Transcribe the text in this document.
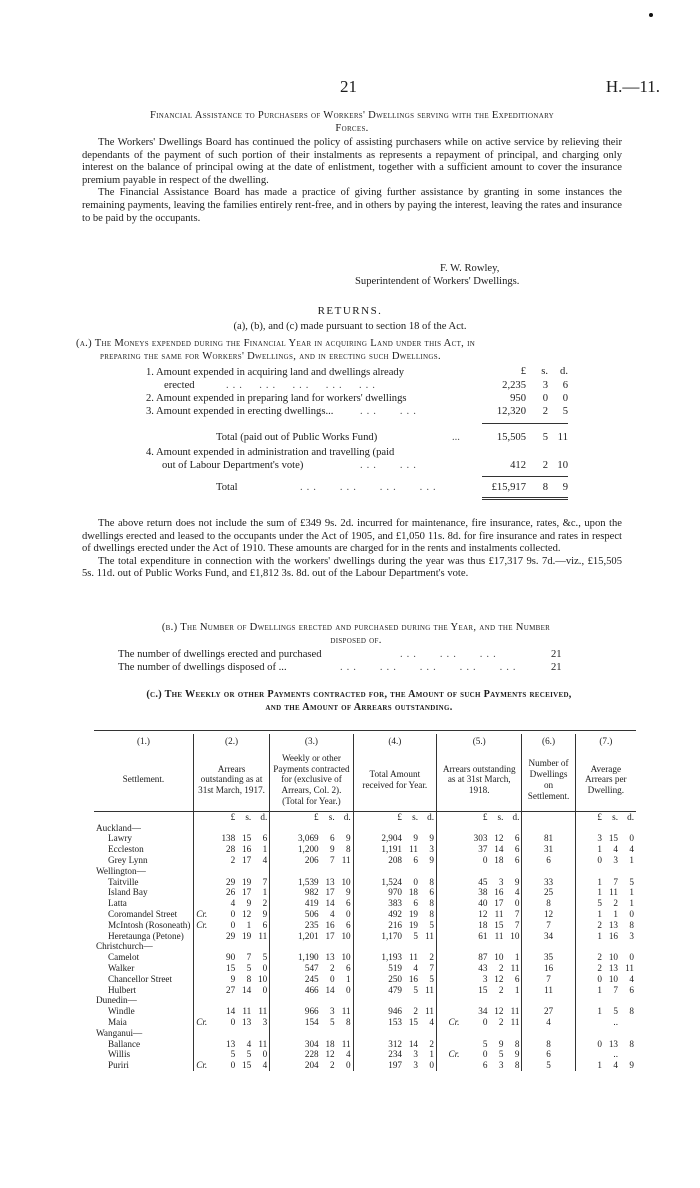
21	H.—11.
Financial Assistance to Purchasers of Workers' Dwellings serving with the Expeditionary
Forces.

The Workers' Dwellings Board has continued the policy of assisting purchasers while on active service by relieving their dependants of the payment of such portion of their instalments as represents a repayment of principal, and charging only interest on the balance of principal owing at the date of enlistment, together with a sufficient amount to cover the insurance premium payable in respect of the dwelling.

The Financial Assistance Board has made a practice of giving further assistance by granting in some instances the remaining payments, leaving the families entirely rent-free, and in others by paying the interest, leaving the rates and insurance to be paid by the occupants.

F. W. Rowley,
Superintendent of Workers' Dwellings.
RETURNS.
(a), (b), and (c) made pursuant to section 18 of the Act.
(a.) The Moneys expended during the Financial Year in acquiring Land under this Act, in
preparing the same for Workers' Dwellings, and in erecting such Dwellings.
£ s. d.
1. Amount expended in acquiring land and dwellings already
erected	...  ...  ...  ...  ...	2,235 3 6
2. Amount expended in preparing land for workers' dwellings	950 0 0
3. Amount expended in erecting dwellings...	...   ...	12,320 2 5
Total (paid out of Public Works Fund)	...	15,505 5 11
4. Amount expended in administration and travelling (paid
out of Labour Department's vote)	...   ...	412 2 10
Total	...   ...   ...   ...	£15,917 8 9

The above return does not include the sum of £349 9s. 2d. incurred for maintenance, fire insurance, rates, &c., upon the dwellings erected and leased to the occupants under the Act of 1905, and £1,050 11s. 8d. for fire insurance and rates in respect of dwellings erected under the Act of 1910. These amounts are charged for in the rents and instalments collected.

The total expenditure in connection with the workers' dwellings during the year was thus £17,317 9s. 7d.—viz., £15,505 5s. 11d. out of Public Works Fund, and £1,812 3s. 8d. out of the Labour Department's vote.

(b.) The Number of Dwellings erected and purchased during the Year, and the Number
disposed of.
The number of dwellings erected and purchased	...   ...   ...	21
The number of dwellings disposed of ...	...   ...   ...   ...   ...	21
(c.) The Weekly or other Payments contracted for, the Amount of such Payments received,
and the Amount of Arrears outstanding.
(1.)	(2.)	(3.)	(4.)	(5.)	(6.)	(7.)
Settlement.	Arrears outstanding as at 31st March, 1917.	Weekly or other Payments contracted for (exclusive of Arrears, Col. 2). (Total for Year.)	Total Amount received for Year.	Arrears outstanding as at 31st March, 1918.	Number of Dwellings on Settlement.	Average Arrears per Dwelling.
	£ s. d.	£ s. d.	£ s. d.	£ s. d.		£ s. d.
Auckland—						
Lawry	138 15 6	3,069 6 9	2,904 9 9	303 12 6	81	3 15 0
Eccleston	28 16 1	1,200 9 8	1,191 11 3	37 14 6	31	1 4 4
Grey Lynn	2 17 4	206 7 11	208 6 9	0 18 6	6	0 3 1
Wellington—						
Taitville	29 19 7	1,539 13 10	1,524 0 8	45 3 9	33	1 7 5
Island Bay	26 17 1	982 17 9	970 18 6	38 16 4	25	1 11 1
Latta	4 9 2	419 14 6	383 6 8	40 17 0	8	5 2 1
Coromandel Street	Cr. 0 12 9	506 4 0	492 19 8	12 11 7	12	1 1 0
McIntosh (Rosoneath)	Cr. 0 1 6	235 16 6	216 19 5	18 15 7	7	2 13 8
Heretaunga (Petone)	29 19 11	1,201 17 10	1,170 5 11	61 11 10	34	1 16 3
Christchurch—						
Camelot	90 7 5	1,190 13 10	1,193 11 2	87 10 1	35	2 10 0
Walker	15 5 0	547 2 6	519 4 7	43 2 11	16	2 13 11
Chancellor Street	9 8 10	245 0 1	250 16 5	3 12 6	7	0 10 4
Hulbert	27 14 0	466 14 0	479 5 11	15 2 1	11	1 7 6
Dunedin—						
Windle	14 11 11	966 3 11	946 2 11	34 12 11	27	1 5 8
Maia	Cr. 0 13 3	154 5 8	153 15 4	Cr. 0 2 11	4	..
Wanganui—						
Ballance	13 4 11	304 18 11	312 14 2	5 9 8	8	0 13 8
Willis	5 5 0	228 12 4	234 3 1	Cr. 0 5 9	6	..
Puriri	Cr. 0 15 4	204 2 0	197 3 0	6 3 8	5	1 4 9
